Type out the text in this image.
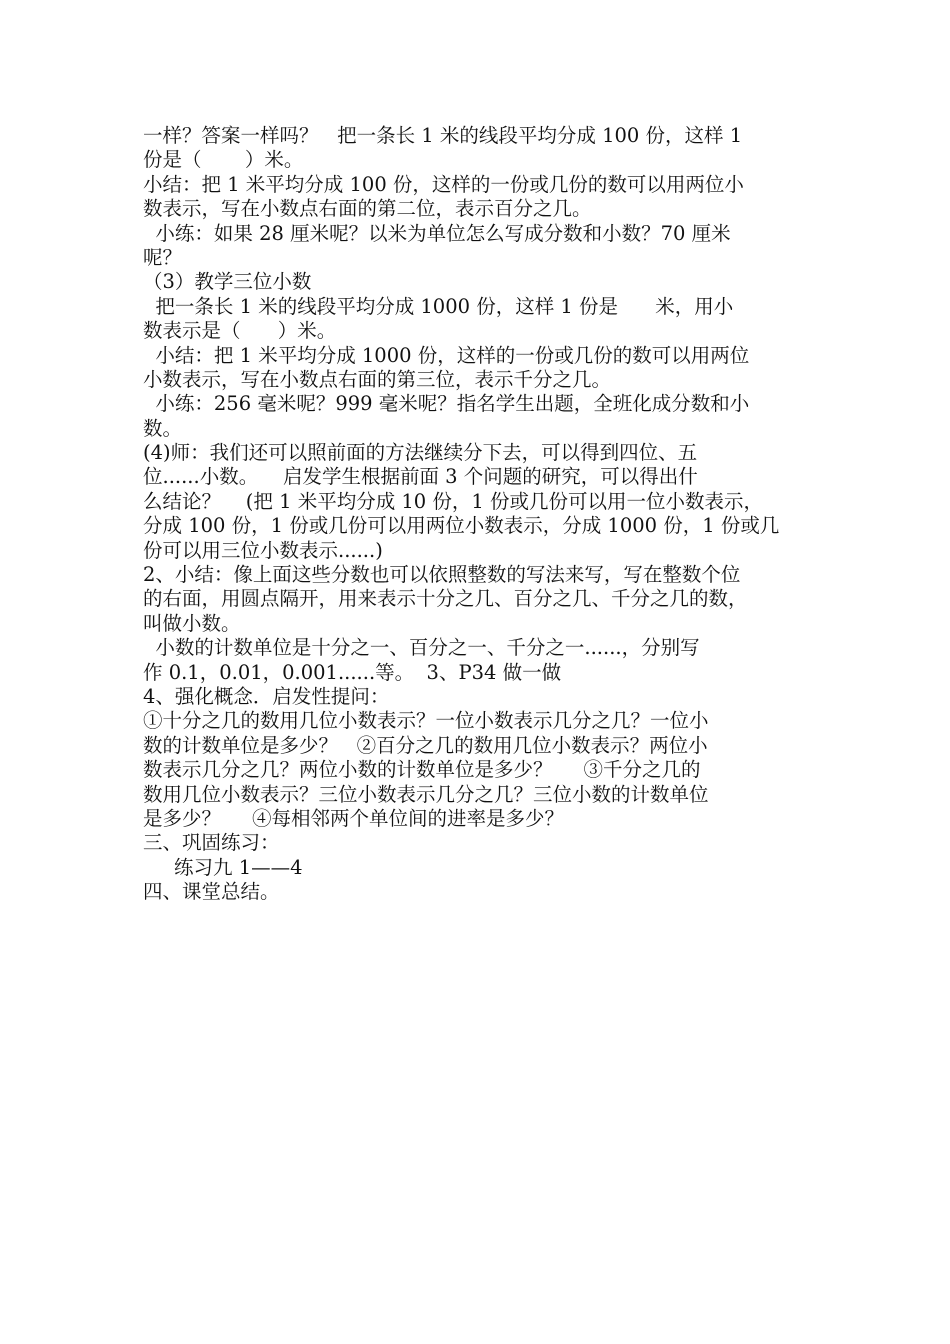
一样？答案一样吗？   把一条长 1 米的线段平均分成 100 份，这样 1
份是（       ）米。
小结：把 1 米平均分成 100 份，这样的一份或几份的数可以用两位小
数表示，写在小数点右面的第二位，表示百分之几。
小练：如果 28 厘米呢？以米为单位怎么写成分数和小数？70 厘米
呢？
（3）教学三位小数
把一条长 1 米的线段平均分成 1000 份，这样 1 份是      米，用小
数表示是（      ）米。
小结：把 1 米平均分成 1000 份，这样的一份或几份的数可以用两位
小数表示，写在小数点右面的第三位，表示千分之几。
小练：256 毫米呢？999 毫米呢？指名学生出题，全班化成分数和小
数。
(4)师：我们还可以照前面的方法继续分下去，可以得到四位、五
位......小数。    启发学生根据前面 3 个问题的研究，可以得出什
么结论？    (把 1 米平均分成 10 份，1 份或几份可以用一位小数表示，
分成 100 份，1 份或几份可以用两位小数表示，分成 1000 份，1 份或几
份可以用三位小数表示......)
2、小结：像上面这些分数也可以依照整数的写法来写，写在整数个位
的右面，用圆点隔开，用来表示十分之几、百分之几、千分之几的数，
叫做小数。
小数的计数单位是十分之一、百分之一、千分之一......，分别写
作 0.1，0.01，0.001......等。  3、P34 做一做
4、强化概念．启发性提问：
①十分之几的数用几位小数表示？一位小数表示几分之几？一位小
数的计数单位是多少？   ②百分之几的数用几位小数表示？两位小
数表示几分之几？两位小数的计数单位是多少？     ③千分之几的
数用几位小数表示？三位小数表示几分之几？三位小数的计数单位
是多少？     ④每相邻两个单位间的进率是多少？
三、巩固练习：
练习九 1——4
四、课堂总结。
